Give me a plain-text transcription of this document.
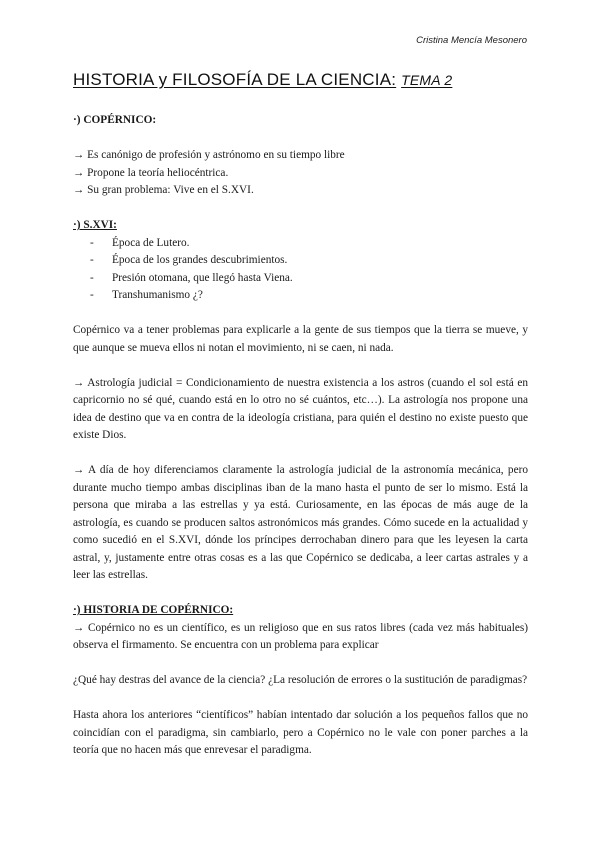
Cristina Mencía Mesonero
HISTORIA y FILOSOFÍA DE LA CIENCIA: TEMA 2

·) COPÉRNICO:

→ Es canónigo de profesión y astrónomo en su tiempo libre

→ Propone la teoría heliocéntrica.

→ Su gran problema: Vive en el S.XVI.

·) S.XVI:

- Época de Lutero.
- Época de los grandes descubrimientos.
- Presión otomana, que llegó hasta Viena.
- Transhumanismo ¿?

Copérnico va a tener problemas para explicarle a la gente de sus tiempos que la tierra se mueve, y que aunque se mueva ellos ni notan el movimiento, ni se caen, ni nada.

→ Astrología judicial = Condicionamiento de nuestra existencia a los astros (cuando el sol está en capricornio no sé qué, cuando está en lo otro no sé cuántos, etc…). La astrología nos propone una idea de destino que va en contra de la ideología cristiana, para quién el destino no existe puesto que existe Dios.

→ A día de hoy diferenciamos claramente la astrología judicial de la astronomía mecánica, pero durante mucho tiempo ambas disciplinas iban de la mano hasta el punto de ser lo mismo. Está la persona que miraba a las estrellas y ya está. Curiosamente, en las épocas de más auge de la astrología, es cuando se producen saltos astronómicos más grandes. Cómo sucede en la actualidad y como sucedió en el S.XVI, dónde los príncipes derrochaban dinero para que les leyesen la carta astral, y, justamente entre otras cosas es a las que Copérnico se dedicaba, a leer cartas astrales y a leer las estrellas.

·) HISTORIA DE COPÉRNICO:

→ Copérnico no es un científico, es un religioso que en sus ratos libres (cada vez más habituales) observa el firmamento. Se encuentra con un problema para explicar

¿Qué hay destras del avance de la ciencia? ¿La resolución de errores o la sustitución de paradigmas?

Hasta ahora los anteriores “científicos” habían intentado dar solución a los pequeños fallos que no coincidían con el paradigma, sin cambiarlo, pero a Copérnico no le vale con poner parches a la teoría que no hacen más que enrevesar el paradigma.
